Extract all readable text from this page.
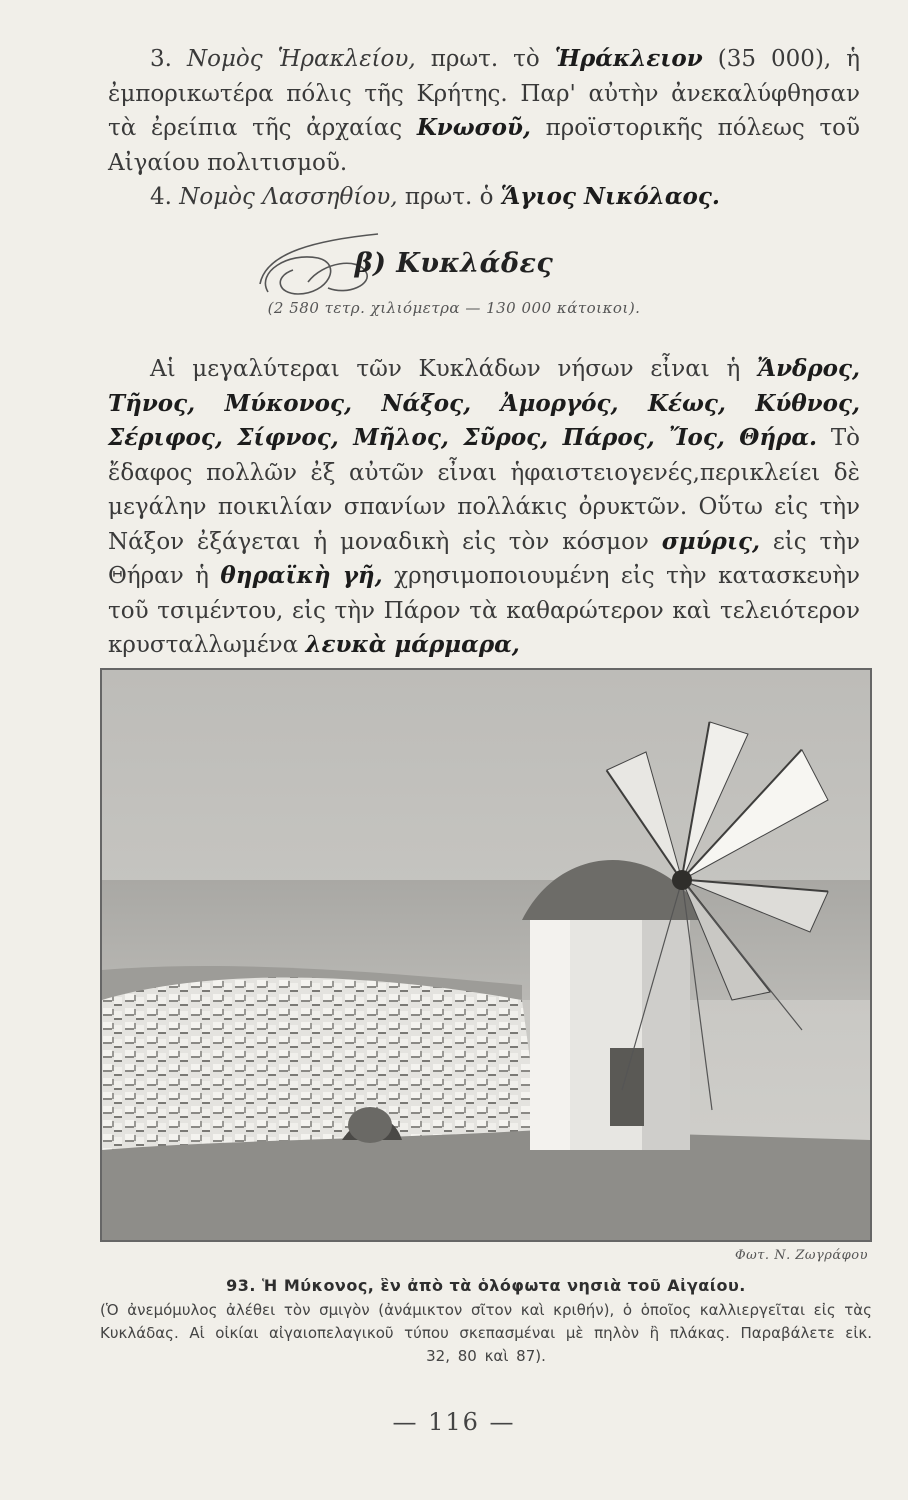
3. Νομὸς Ἡρακλείου, πρωτ. τὸ Ἡράκλειον (35 000), ἡ ἐμπορικωτέρα πόλις τῆς Κρήτης. Παρ' αὐτὴν ἀνεκαλύφθησαν τὰ ἐρείπια τῆς ἀρχαίας Κνωσοῦ, προϊστορικῆς πόλεως τοῦ Αἰγαίου πολιτισμοῦ.

4. Νομὸς Λασσηθίου, πρωτ. ὁ Ἅγιος Νικόλαος.

β) Κυκλάδες
(2 580 τετρ. χιλιόμετρα — 130 000 κάτοικοι).

Αἱ μεγαλύτεραι τῶν Κυκλάδων νήσων εἶναι ἡ Ἄνδρος, Τῆνος, Μύκονος, Νάξος, Ἀμοργός, Κέως, Κύθνος, Σέριφος, Σίφνος, Μῆλος, Σῦρος, Πάρος, Ἴος, Θήρα. Τὸ ἔδαφος πολλῶν ἐξ αὐτῶν εἶναι ἡφαιστειογενές,περικλείει δὲ μεγάλην ποικιλίαν σπανίων πολλάκις ὀρυκτῶν. Οὕτω εἰς τὴν Νάξον ἐξάγεται ἡ μοναδικὴ εἰς τὸν κόσμον σμύρις, εἰς τὴν Θήραν ἡ θηραϊκὴ γῆ, χρησιμοποιουμένη εἰς τὴν κατασκευὴν τοῦ τσιμέντου, εἰς τὴν Πάρον τὰ καθαρώτερον καὶ τελειότερον κρυσταλλωμένα λευκὰ μάρμαρα,

Φωτ. Ν. Ζωγράφου
93. Ἡ Μύκονος, ἓν ἀπὸ τὰ ὁλόφωτα νησιὰ τοῦ Αἰγαίου.
(Ὁ ἀνεμόμυλος ἀλέθει τὸν σμιγὸν (ἀνάμικτον σῖτον καὶ κριθήν), ὁ ὁποῖος καλλιεργεῖται εἰς τὰς Κυκλάδας. Αἱ οἰκίαι αἰγαιοπελαγικοῦ τύπου σκεπασμέναι μὲ πηλὸν ἢ πλάκας. Παραβάλετε εἰκ. 32, 80 καὶ 87).
— 116 —
